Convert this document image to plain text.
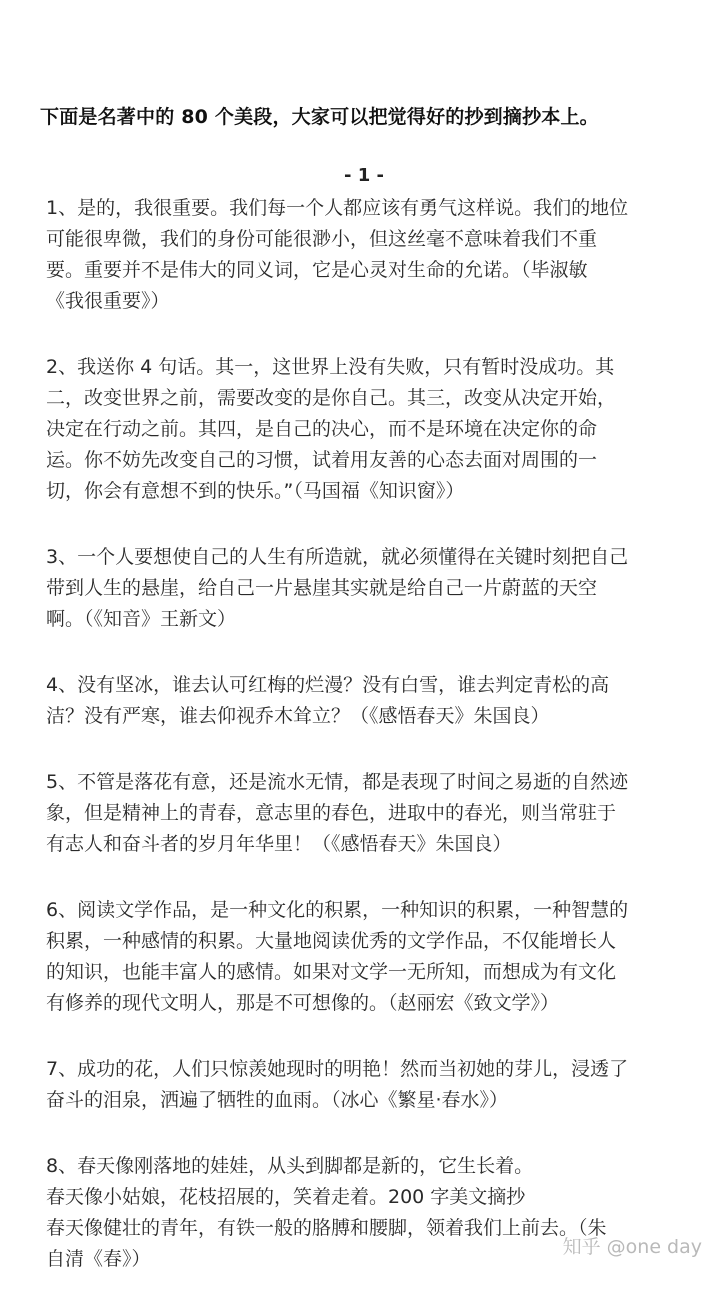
下面是名著中的 80 个美段，大家可以把觉得好的抄到摘抄本上。
- 1 -
1、是的，我很重要。我们每一个人都应该有勇气这样说。我们的地位
可能很卑微，我们的身份可能很渺小，但这丝毫不意味着我们不重
要。重要并不是伟大的同义词，它是心灵对生命的允诺。（毕淑敏
《我很重要》）
2、我送你 4 句话。其一，这世界上没有失败，只有暂时没成功。其
二，改变世界之前，需要改变的是你自己。其三，改变从决定开始，
决定在行动之前。其四，是自己的决心，而不是环境在决定你的命
运。你不妨先改变自己的习惯，试着用友善的心态去面对周围的一
切，你会有意想不到的快乐。”（马国福《知识窗》）
3、一个人要想使自己的人生有所造就，就必须懂得在关键时刻把自己
带到人生的悬崖，给自己一片悬崖其实就是给自己一片蔚蓝的天空
啊。（《知音》王新文）
4、没有坚冰，谁去认可红梅的烂漫？没有白雪，谁去判定青松的高
洁？没有严寒，谁去仰视乔木耸立？（《感悟春天》朱国良）
5、不管是落花有意，还是流水无情，都是表现了时间之易逝的自然迹
象，但是精神上的青春，意志里的春色，进取中的春光，则当常驻于
有志人和奋斗者的岁月年华里！（《感悟春天》朱国良）
6、阅读文学作品，是一种文化的积累，一种知识的积累，一种智慧的
积累，一种感情的积累。大量地阅读优秀的文学作品，不仅能增长人
的知识，也能丰富人的感情。如果对文学一无所知，而想成为有文化
有修养的现代文明人，那是不可想像的。（赵丽宏《致文学》）
7、成功的花，人们只惊羡她现时的明艳！然而当初她的芽儿，浸透了
奋斗的泪泉，洒遍了牺牲的血雨。（冰心《繁星·春水》）
8、春天像刚落地的娃娃，从头到脚都是新的，它生长着。
春天像小姑娘，花枝招展的，笑着走着。200 字美文摘抄
春天像健壮的青年，有铁一般的胳膊和腰脚，领着我们上前去。（朱
自清《春》）
知乎 @one day
